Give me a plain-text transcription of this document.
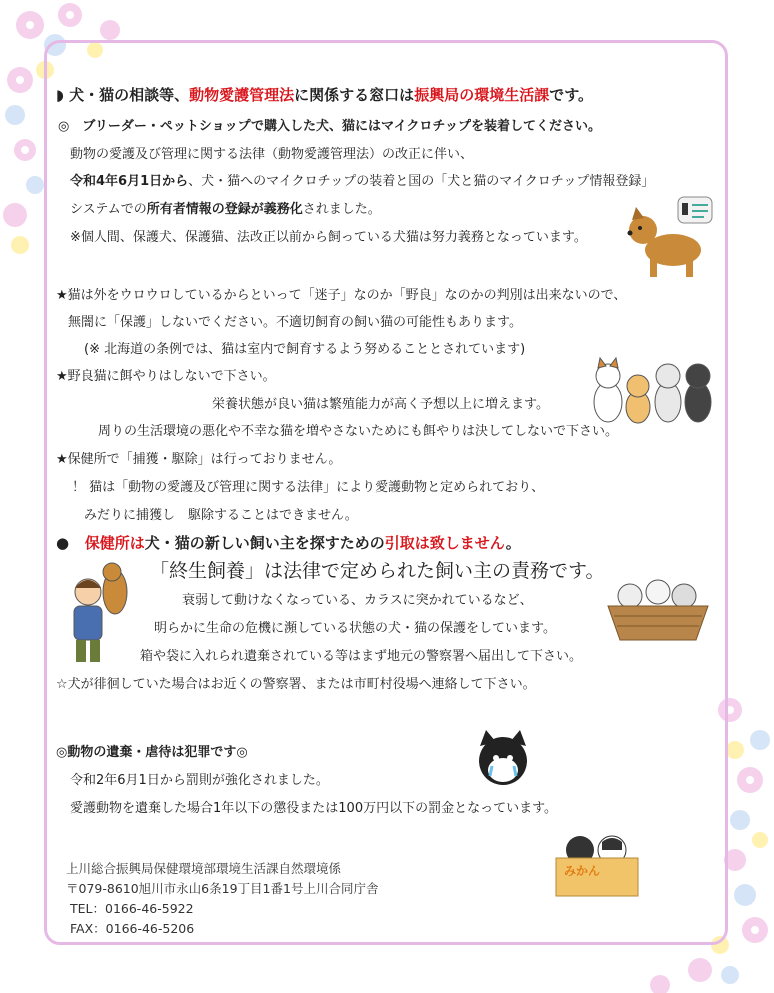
◗ 犬・猫の相談等、動物愛護管理法に関係する窓口は振興局の環境生活課です。
◎　ブリーダー・ペットショップで購入した犬、猫にはマイクロチップを装着してください。
動物の愛護及び管理に関する法律（動物愛護管理法）の改正に伴い、
令和4年6月1日から、犬・猫へのマイクロチップの装着と国の「犬と猫のマイクロチップ情報登録」
システムでの所有者情報の登録が義務化されました。
※個人間、保護犬、保護猫、法改正以前から飼っている犬猫は努力義務となっています。
★猫は外をウロウロしているからといって「迷子」なのか「野良」なのかの判別は出来ないので、
無闇に「保護」しないでください。不適切飼育の飼い猫の可能性もあります。
(※ 北海道の条例では、猫は室内で飼育するよう努めることとされています)
★野良猫に餌やりはしないで下さい。
栄養状態が良い猫は繁殖能力が高く予想以上に増えます。
周りの生活環境の悪化や不幸な猫を増やさないためにも餌やりは決してしないで下さい。
★保健所で「捕獲・駆除」は行っておりません。
！ 猫は「動物の愛護及び管理に関する法律」により愛護動物と定められており、
みだりに捕獲し　駆除することはできません。
● 保健所は犬・猫の新しい飼い主を探すための引取は致しません。
「終生飼養」は法律で定められた飼い主の責務です。
衰弱して動けなくなっている、カラスに突かれているなど、
明らかに生命の危機に瀕している状態の犬・猫の保護をしています。
箱や袋に入れられ遺棄されている等はまず地元の警察署へ届出して下さい。
☆犬が徘徊していた場合はお近くの警察署、または市町村役場へ連絡して下さい。
◎動物の遺棄・虐待は犯罪です◎
令和2年6月1日から罰則が強化されました。
愛護動物を遺棄した場合1年以下の懲役または100万円以下の罰金となっています。
みかん
上川総合振興局保健環境部環境生活課自然環境係
〒079-8610旭川市永山6条19丁目1番1号上川合同庁舎
TEL：0166-46-5922
FAX：0166-46-5206
